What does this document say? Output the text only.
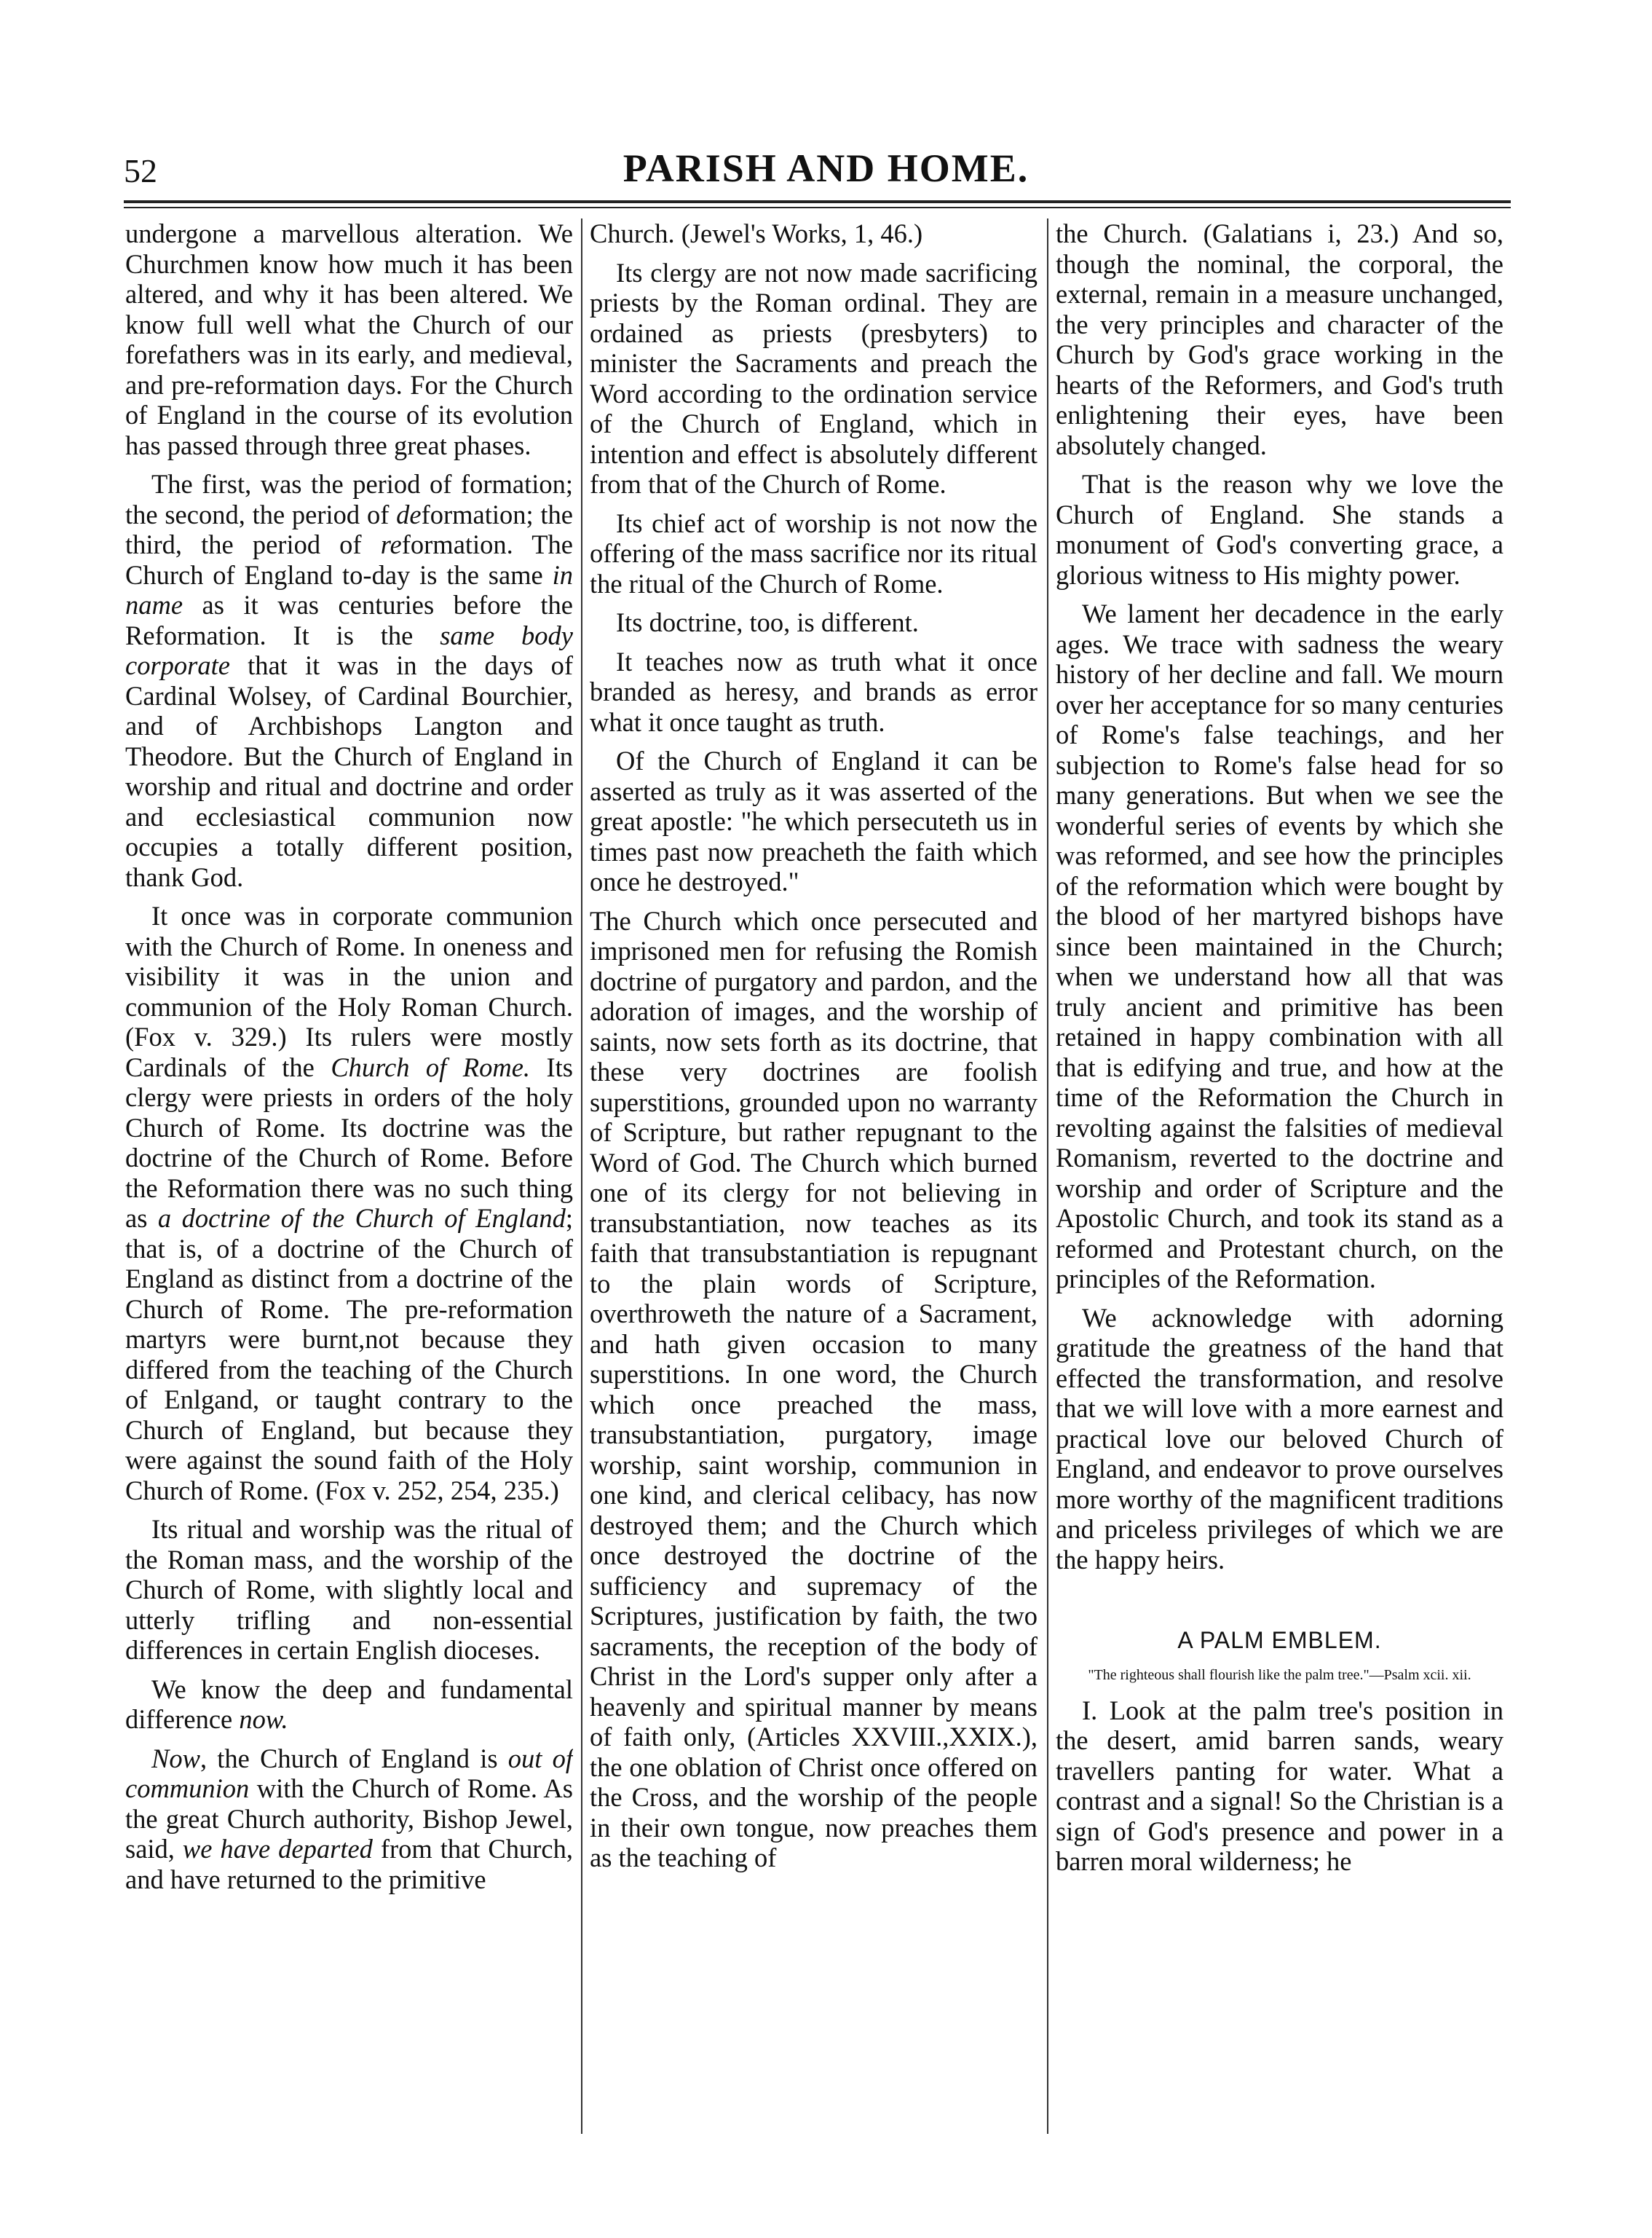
52	PARISH AND HOME.

undergone a marvellous alteration. We Churchmen know how much it has been altered, and why it has been altered. We know full well what the Church of our forefathers was in its early, and medieval, and pre-reformation days. For the Church of England in the course of its evolution has passed through three great phases.

The first, was the period of formation; the second, the period of deformation; the third, the period of reformation. The Church of England to-day is the same in name as it was centuries before the Reformation. It is the same body corporate that it was in the days of Cardinal Wolsey, of Cardinal Bourchier, and of Archbishops Langton and Theodore. But the Church of England in worship and ritual and doctrine and order and ecclesiastical communion now occupies a totally different position, thank God.

It once was in corporate communion with the Church of Rome. In oneness and visibility it was in the union and communion of the Holy Roman Church. (Fox v. 329.) Its rulers were mostly Cardinals of the Church of Rome. Its clergy were priests in orders of the holy Church of Rome. Its doctrine was the doctrine of the Church of Rome. Before the Reformation there was no such thing as a doctrine of the Church of England; that is, of a doctrine of the Church of England as distinct from a doctrine of the Church of Rome. The pre-reformation martyrs were burnt,not because they differed from the teaching of the Church of Enlgand, or taught contrary to the Church of England, but because they were against the sound faith of the Holy Church of Rome. (Fox v. 252, 254, 235.)

Its ritual and worship was the ritual of the Roman mass, and the worship of the Church of Rome, with slightly local and utterly trifling and non-essential differences in certain English dioceses.

We know the deep and fundamental difference now.

Now, the Church of England is out of communion with the Church of Rome. As the great Church authority, Bishop Jewel, said, we have departed from that Church, and have returned to the primitive

Church. (Jewel's Works, 1, 46.)

Its clergy are not now made sacrificing priests by the Roman ordinal. They are ordained as priests (presbyters) to minister the Sacraments and preach the Word according to the ordination service of the Church of England, which in intention and effect is absolutely different from that of the Church of Rome.

Its chief act of worship is not now the offering of the mass sacrifice nor its ritual the ritual of the Church of Rome.

Its doctrine, too, is different.

It teaches now as truth what it once branded as heresy, and brands as error what it once taught as truth.

Of the Church of England it can be asserted as truly as it was asserted of the great apostle: "he which persecuteth us in times past now preacheth the faith which once he destroyed."

The Church which once persecuted and imprisoned men for refusing the Romish doctrine of purgatory and pardon, and the adoration of images, and the worship of saints, now sets forth as its doctrine, that these very doctrines are foolish superstitions, grounded upon no warranty of Scripture, but rather repugnant to the Word of God. The Church which burned one of its clergy for not believing in transubstantiation, now teaches as its faith that transubstantiation is repugnant to the plain words of Scripture, overthroweth the nature of a Sacrament, and hath given occasion to many superstitions. In one word, the Church which once preached the mass, transubstantiation, purgatory, image worship, saint worship, communion in one kind, and clerical celibacy, has now destroyed them; and the Church which once destroyed the doctrine of the sufficiency and supremacy of the Scriptures, justification by faith, the two sacraments, the reception of the body of Christ in the Lord's supper only after a heavenly and spiritual manner by means of faith only, (Articles XXVIII.,XXIX.), the one oblation of Christ once offered on the Cross, and the worship of the people in their own tongue, now preaches them as the teaching of

the Church. (Galatians i, 23.) And so, though the nominal, the corporal, the external, remain in a measure unchanged, the very principles and character of the Church by God's grace working in the hearts of the Reformers, and God's truth enlightening their eyes, have been absolutely changed.

That is the reason why we love the Church of England. She stands a monument of God's converting grace, a glorious witness to His mighty power.

We lament her decadence in the early ages. We trace with sadness the weary history of her decline and fall. We mourn over her acceptance for so many centuries of Rome's false teachings, and her subjection to Rome's false head for so many generations. But when we see the wonderful series of events by which she was reformed, and see how the principles of the reformation which were bought by the blood of her martyred bishops have since been maintained in the Church; when we understand how all that was truly ancient and primitive has been retained in happy combination with all that is edifying and true, and how at the time of the Reformation the Church in revolting against the falsities of medieval Romanism, reverted to the doctrine and worship and order of Scripture and the Apostolic Church, and took its stand as a reformed and Protestant church, on the principles of the Reformation.

We acknowledge with adorning gratitude the greatness of the hand that effected the transformation, and resolve that we will love with a more earnest and practical love our beloved Church of England, and endeavor to prove ourselves more worthy of the magnificent traditions and priceless privileges of which we are the happy heirs.

A PALM EMBLEM.
"The righteous shall flourish like the palm tree."—Psalm xcii. xii.

I. Look at the palm tree's position in the desert, amid barren sands, weary travellers panting for water. What a contrast and a signal! So the Christian is a sign of God's presence and power in a barren moral wilderness; he
